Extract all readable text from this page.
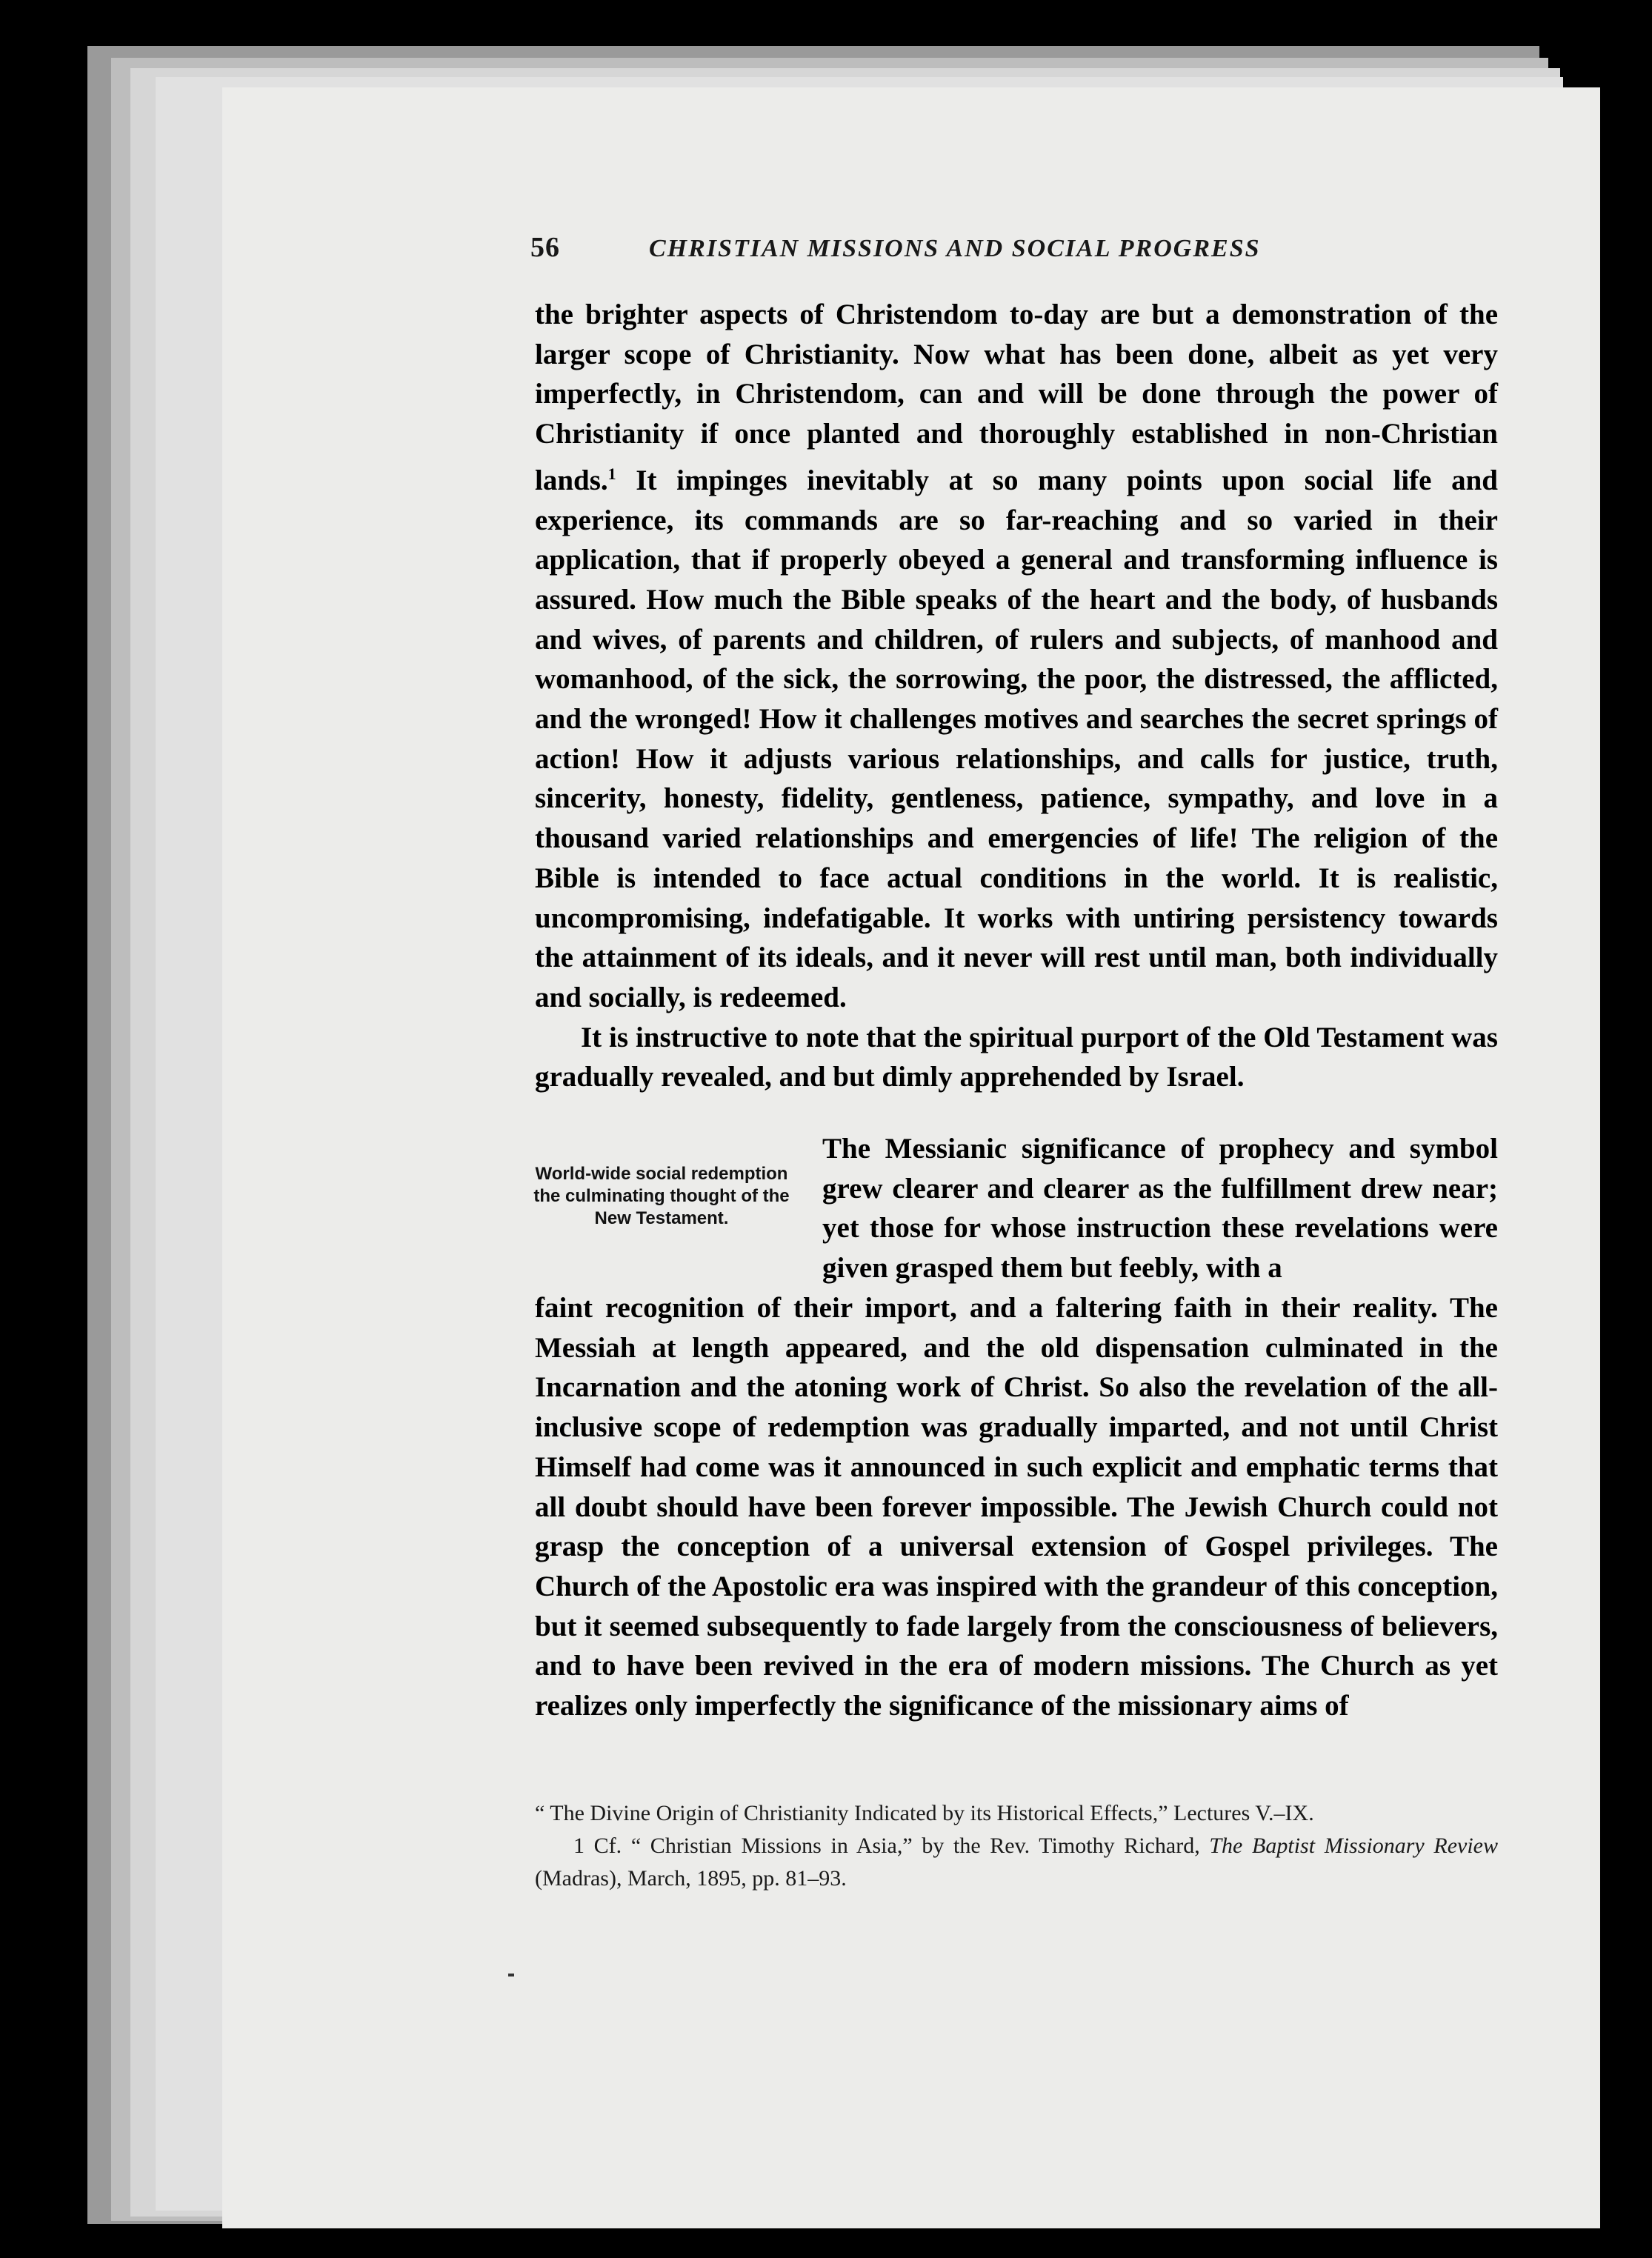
56	CHRISTIAN MISSIONS AND SOCIAL PROGRESS

the brighter aspects of Christendom to-day are but a demonstration of the larger scope of Christianity. Now what has been done, albeit as yet very imperfectly, in Christendom, can and will be done through the power of Christianity if once planted and thoroughly established in non-Christian lands.$^1$ It impinges inevitably at so many points upon social life and experience, its commands are so far-reaching and so varied in their application, that if properly obeyed a general and transforming influence is assured. How much the Bible speaks of the heart and the body, of husbands and wives, of parents and children, of rulers and subjects, of manhood and womanhood, of the sick, the sorrowing, the poor, the distressed, the afflicted, and the wronged! How it challenges motives and searches the secret springs of action! How it adjusts various relationships, and calls for justice, truth, sincerity, honesty, fidelity, gentleness, patience, sympathy, and love in a thousand varied relationships and emergencies of life! The religion of the Bible is intended to face actual conditions in the world. It is realistic, uncompromising, indefatigable. It works with untiring persistency towards the attainment of its ideals, and it never will rest until man, both individually and socially, is redeemed.

It is instructive to note that the spiritual purport of the Old Testament was gradually revealed, and but dimly apprehended by Israel.

World-wide social redemption the culminating thought of the New Testament.

The Messianic significance of prophecy and symbol grew clearer and clearer as the fulfillment drew near; yet those for whose instruction these revelations were given grasped them but feebly, with a

faint recognition of their import, and a faltering faith in their reality. The Messiah at length appeared, and the old dispensation culminated in the Incarnation and the atoning work of Christ. So also the revelation of the all-inclusive scope of redemption was gradually imparted, and not until Christ Himself had come was it announced in such explicit and emphatic terms that all doubt should have been forever impossible. The Jewish Church could not grasp the conception of a universal extension of Gospel privileges. The Church of the Apostolic era was inspired with the grandeur of this conception, but it seemed subsequently to fade largely from the consciousness of believers, and to have been revived in the era of modern missions. The Church as yet realizes only imperfectly the significance of the missionary aims of

“ The Divine Origin of Christianity Indicated by its Historical Effects,” Lectures V.–IX.

1 Cf. “ Christian Missions in Asia,” by the Rev. Timothy Richard, The Baptist Missionary Review (Madras), March, 1895, pp. 81–93.
